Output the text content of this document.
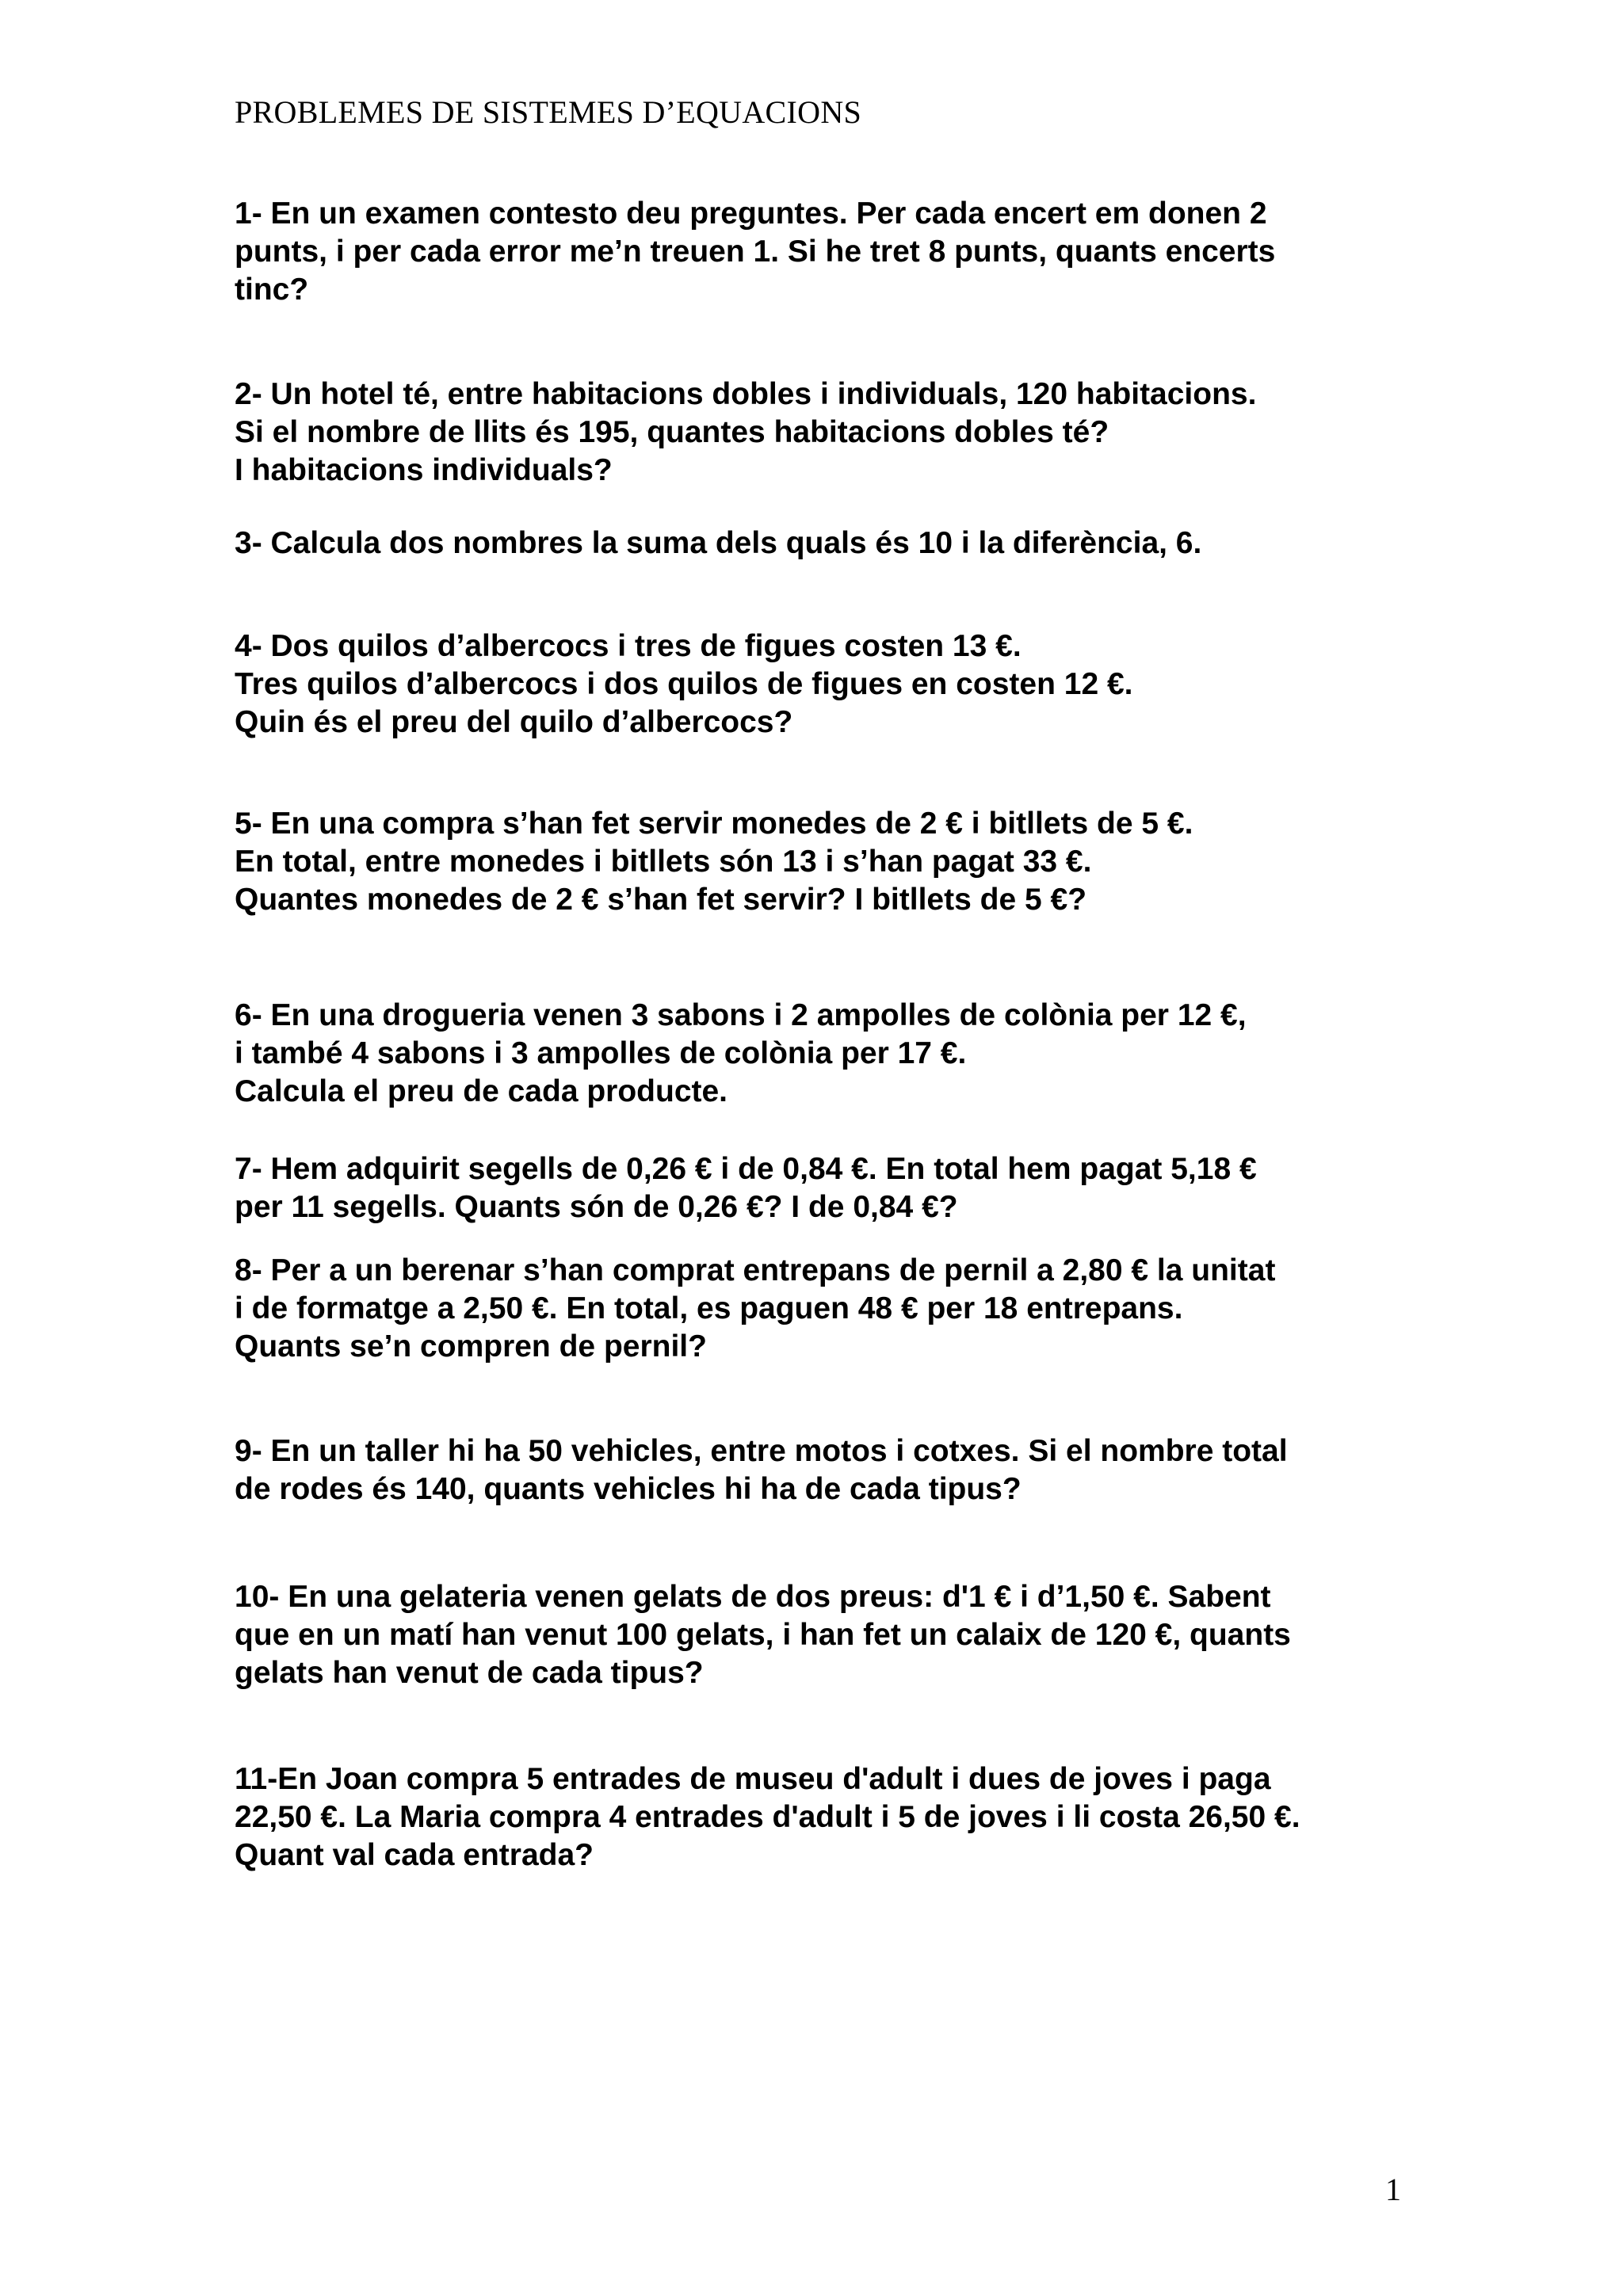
PROBLEMES DE SISTEMES D’EQUACIONS

1- En un examen contesto deu preguntes. Per cada encert em donen 2
punts, i per cada error me’n treuen 1. Si he tret 8 punts, quants encerts
tinc?

2- Un hotel té, entre habitacions dobles i individuals, 120 habitacions.
Si el nombre de llits és 195, quantes habitacions dobles té?
I habitacions individuals?

3- Calcula dos nombres la suma dels quals és 10 i la diferència, 6.

4- Dos quilos d’albercocs i tres de figues costen 13 €.
Tres quilos d’albercocs i dos quilos de figues en costen 12 €.
Quin és el preu del quilo d’albercocs?

5- En una compra s’han fet servir monedes de 2 € i bitllets de 5 €.
En total, entre monedes i bitllets són 13 i s’han pagat 33 €.
Quantes monedes de 2 € s’han fet servir? I bitllets de 5 €?

6- En una drogueria venen 3 sabons i 2 ampolles de colònia per 12 €,
i també 4 sabons i 3 ampolles de colònia per 17 €.
Calcula el preu de cada producte.

7- Hem adquirit segells de 0,26 € i de 0,84 €. En total hem pagat 5,18 €
per 11 segells. Quants són de 0,26 €? I de 0,84 €?

8- Per a un berenar s’han comprat entrepans de pernil a 2,80 € la unitat
i de formatge a 2,50 €. En total, es paguen 48 € per 18 entrepans.
Quants se’n compren de pernil?

9- En un taller hi ha 50 vehicles, entre motos i cotxes. Si el nombre total
de rodes és 140, quants vehicles hi ha de cada tipus?

10- En una gelateria venen gelats de dos preus: d'1 € i d’1,50 €. Sabent
que en un matí han venut 100 gelats, i han fet un calaix de 120 €, quants
gelats han venut de cada tipus?

11-En Joan compra 5 entrades de museu d'adult i dues de joves i paga
22,50 €. La Maria compra 4 entrades d'adult i 5 de joves i li costa 26,50 €.
Quant val cada entrada?

1
